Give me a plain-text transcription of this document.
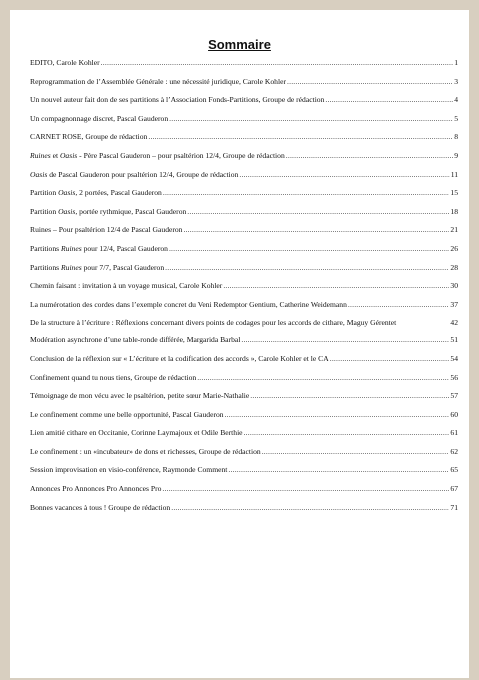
Sommaire
EDITO, Carole Kohler .....	1
Reprogrammation de l’Assemblée Générale : une nécessité juridique, Carole Kohler .....	3
Un nouvel auteur fait don de ses partitions à l’Association Fonds-Partitions, Groupe de rédaction .....	4
Un compagnonnage discret, Pascal Gauderon .....	5
CARNET ROSE, Groupe de rédaction .....	8
Ruines et Oasis - Père Pascal Gauderon – pour psaltérion 12/4, Groupe de rédaction .....	9
Oasis de Pascal Gauderon pour psaltérion 12/4, Groupe de rédaction .....	11
Partition Oasis, 2 portées, Pascal Gauderon .....	15
Partition Oasis, portée rythmique, Pascal Gauderon .....	18
Ruines – Pour psaltérion 12/4 de Pascal Gauderon .....	21
Partitions Ruines pour 12/4, Pascal Gauderon .....	26
Partitions Ruines pour 7/7, Pascal Gauderon .....	28
Chemin faisant : invitation à un voyage musical, Carole Kohler .....	30
La numérotation des cordes dans l’exemple concret du Veni Redemptor Gentium, Catherine Weidemann .....	37
De la structure à l’écriture : Réflexions concernant divers points de codages pour les accords de cithare, Maguy Gérentet	42
Modération asynchrone d’une table-ronde différée, Margarida Barbal .....	51
Conclusion de la réflexion sur « L’écriture et la codification des accords », Carole Kohler et le CA .....	54
Confinement quand tu nous tiens, Groupe de rédaction .....	56
Témoignage de mon vécu avec le psaltérion, petite sœur Marie-Nathalie .....	57
Le confinement comme une belle opportunité, Pascal Gauderon .....	60
Lien amitié cithare en Occitanie, Corinne Laymajoux et Odile Berthie .....	61
Le confinement : un «incubateur» de dons et richesses, Groupe de rédaction .....	62
Session improvisation en visio-conférence, Raymonde Comment .....	65
Annonces Pro Annonces Pro Annonces Pro .....	67
Bonnes vacances à tous ! Groupe de rédaction .....	71
